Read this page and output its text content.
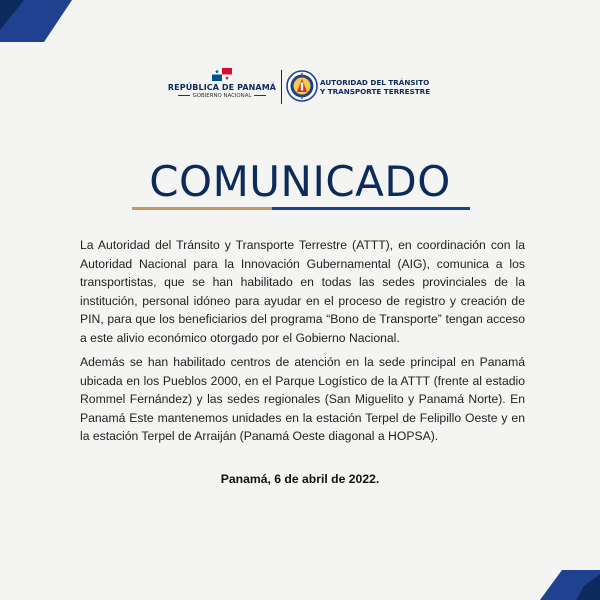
REPÚBLICA DE PANAMÁ
GOBIERNO NACIONAL
AUTORIDAD DEL TRÁNSITO
Y TRANSPORTE TERRESTRE
COMUNICADO

La Autoridad del Tránsito y Transporte Terrestre (ATTT), en coordinación con la Autoridad Nacional para la Innovación Gubernamental (AIG), comunica a los transportistas, que se han habilitado en todas las sedes provinciales de la institución, personal idóneo para ayudar en el proceso de registro y creación de PIN, para que los beneficiarios del programa “Bono de Transporte” tengan acceso a este alivio económico otorgado por el Gobierno Nacional.

Además se han habilitado centros de atención en la sede principal en Panamá ubicada en los Pueblos 2000, en el Parque Logístico de la ATTT (frente al estadio Rommel Fernández) y las sedes regionales (San Miguelito y Panamá Norte). En Panamá Este mantenemos unidades en la estación Terpel de Felipillo Oeste y en la estación Terpel de Arraiján (Panamá Oeste diagonal a HOPSA).

Panamá, 6 de abril de 2022.
